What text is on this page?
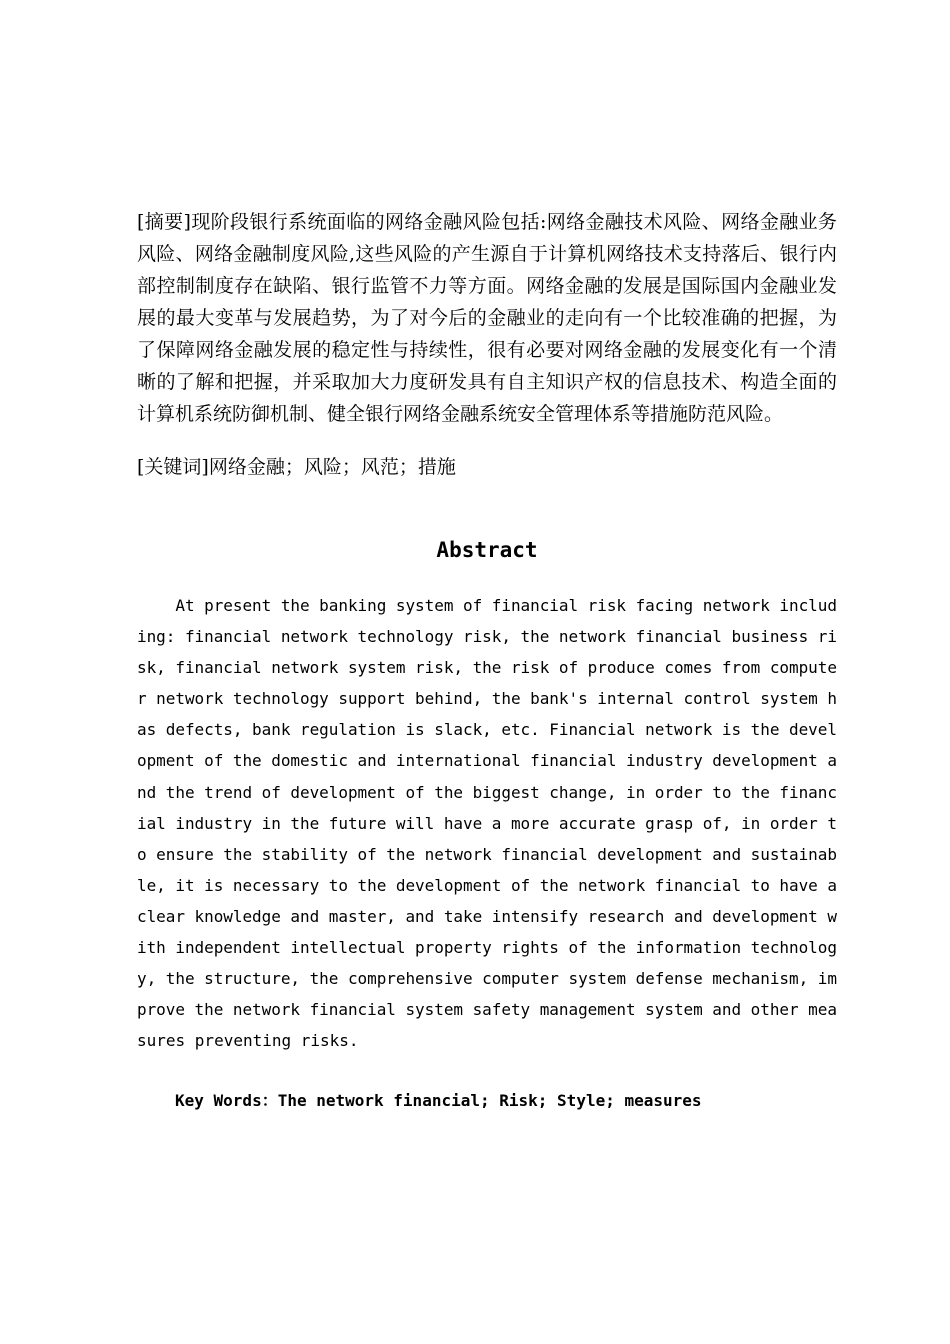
[摘要]现阶段银行系统面临的网络金融风险包括:网络金融技术风险、网络金融业务
风险、网络金融制度风险,这些风险的产生源自于计算机网络技术支持落后、银行内
部控制制度存在缺陷、银行监管不力等方面。网络金融的发展是国际国内金融业发
展的最大变革与发展趋势，为了对今后的金融业的走向有一个比较准确的把握，为
了保障网络金融发展的稳定性与持续性，很有必要对网络金融的发展变化有一个清
晰的了解和把握，并采取加大力度研发具有自主知识产权的信息技术、构造全面的
计算机系统防御机制、健全银行网络金融系统安全管理体系等措施防范风险。
[关键词]网络金融；风险；风范；措施
Abstract
At present the banking system of financial risk facing network includ
ing: financial network technology risk, the network financial business ri
sk, financial network system risk, the risk of produce comes from compute
r network technology support behind, the bank's internal control system h
as defects, bank regulation is slack, etc. Financial network is the devel
opment of the domestic and international financial industry development a
nd the trend of development of the biggest change, in order to the financ
ial industry in the future will have a more accurate grasp of, in order t
o ensure the stability of the network financial development and sustainab
le, it is necessary to the development of the network financial to have a
clear knowledge and master, and take intensify research and development w
ith independent intellectual property rights of the information technolog
y, the structure, the comprehensive computer system defense mechanism, im
prove the network financial system safety management system and other mea
sures preventing risks.
Key Words：The network financial; Risk; Style; measures
